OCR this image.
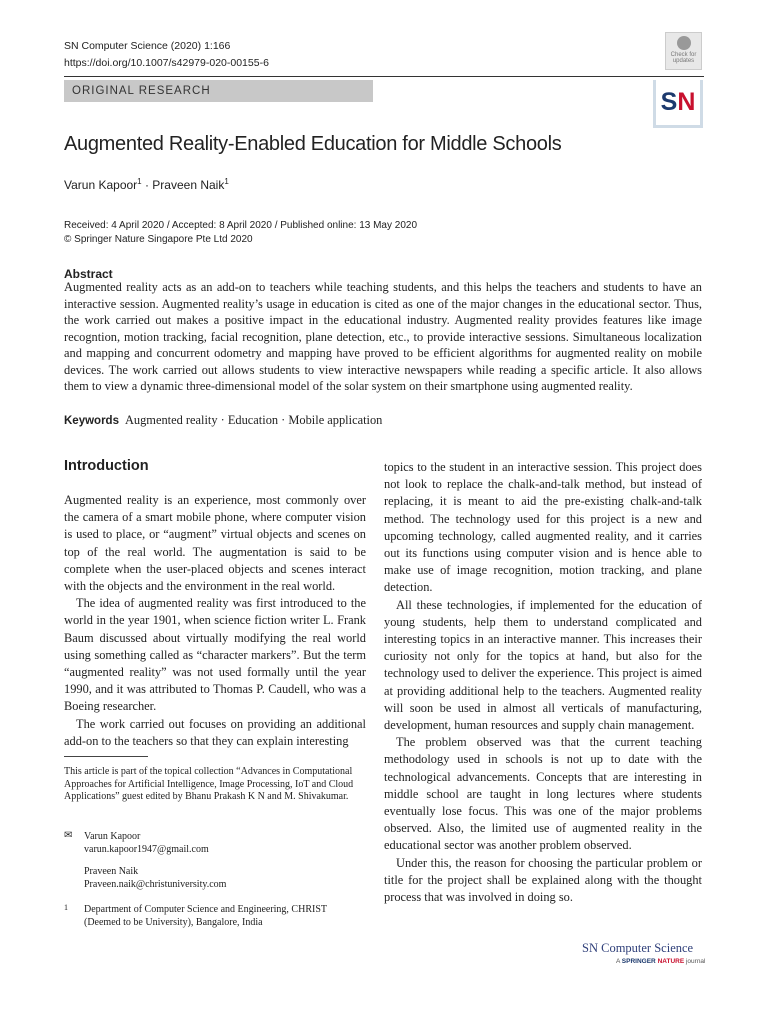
SN Computer Science (2020) 1:166
https://doi.org/10.1007/s42979-020-00155-6
Check for updates
ORIGINAL RESEARCH	SN
Augmented Reality-Enabled Education for Middle Schools
Varun Kapoor$^1$ · Praveen Naik$^1$
Received: 4 April 2020 / Accepted: 8 April 2020 / Published online: 13 May 2020
© Springer Nature Singapore Pte Ltd 2020
Abstract
Augmented reality acts as an add-on to teachers while teaching students, and this helps the teachers and students to have an interactive session. Augmented reality’s usage in education is cited as one of the major changes in the educational sector. Thus, the work carried out makes a positive impact in the educational industry. Augmented reality provides features like image recogntion, motion tracking, facial recognition, plane detection, etc., to provide interactive sessions. Simultaneous localization and mapping and concurrent odometry and mapping have proved to be efficient algorithms for augmented reality on mobile devices. The work carried out allows students to view interactive newspapers while reading a specific article. It also allows them to view a dynamic three-dimensional model of the solar system on their smartphone using augmented reality.
Keywords Augmented reality · Education · Mobile application
Introduction

Augmented reality is an experience, most commonly over the camera of a smart mobile phone, where computer vision is used to place, or “augment” virtual objects and scenes on top of the real world. The augmentation is said to be complete when the user-placed objects and scenes interact with the objects and the environment in the real world.

The idea of augmented reality was first introduced to the world in the year 1901, when science fiction writer L. Frank Baum discussed about virtually modifying the real world using something called as “character markers”. But the term “augmented reality” was not used formally until the year 1990, and it was attributed to Thomas P. Caudell, who was a Boeing researcher.

The work carried out focuses on providing an additional add-on to the teachers so that they can explain interesting

topics to the student in an interactive session. This project does not look to replace the chalk-and-talk method, but instead of replacing, it is meant to aid the pre-existing chalk-and-talk method. The technology used for this project is a new and upcoming technology, called augmented reality, and it carries out its functions using computer vision and is hence able to make use of image recognition, motion tracking, and plane detection.

All these technologies, if implemented for the education of young students, help them to understand complicated and interesting topics in an interactive manner. This increases their curiosity not only for the topics at hand, but also for the technology used to deliver the experience. This project is aimed at providing additional help to the teachers. Augmented reality will soon be used in almost all verticals of manufacturing, development, human resources and supply chain management.

The problem observed was that the current teaching methodology used in schools is not up to date with the technological advancements. Concepts that are interesting in middle school are taught in long lectures where students eventually lose focus. This was one of the major problems observed. Also, the limited use of augmented reality in the educational sector was another problem observed.

Under this, the reason for choosing the particular problem or title for the project shall be explained along with the thought process that was involved in doing so.

This article is part of the topical collection “Advances in Computational Approaches for Artificial Intelligence, Image Processing, IoT and Cloud Applications” guest edited by Bhanu Prakash K N and M. Shivakumar.
✉ Varun Kapoor
varun.kapoor1947@gmail.com
Praveen Naik
Praveen.naik@christuniversity.com
1 Department of Computer Science and Engineering, CHRIST (Deemed to be University), Bangalore, India
SN Computer Science
A SPRINGER NATURE journal
